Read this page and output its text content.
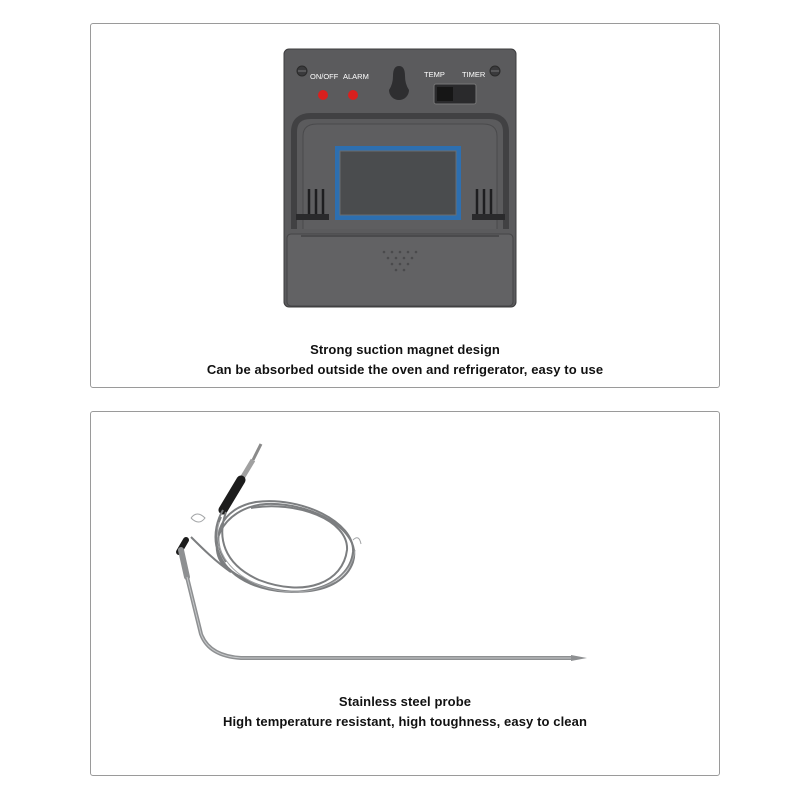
ON/OFF ALARM	TEMP TIMER
Strong suction magnet design
Can be absorbed outside the oven and refrigerator, easy to use
Stainless steel probe
High temperature resistant, high toughness, easy to clean
